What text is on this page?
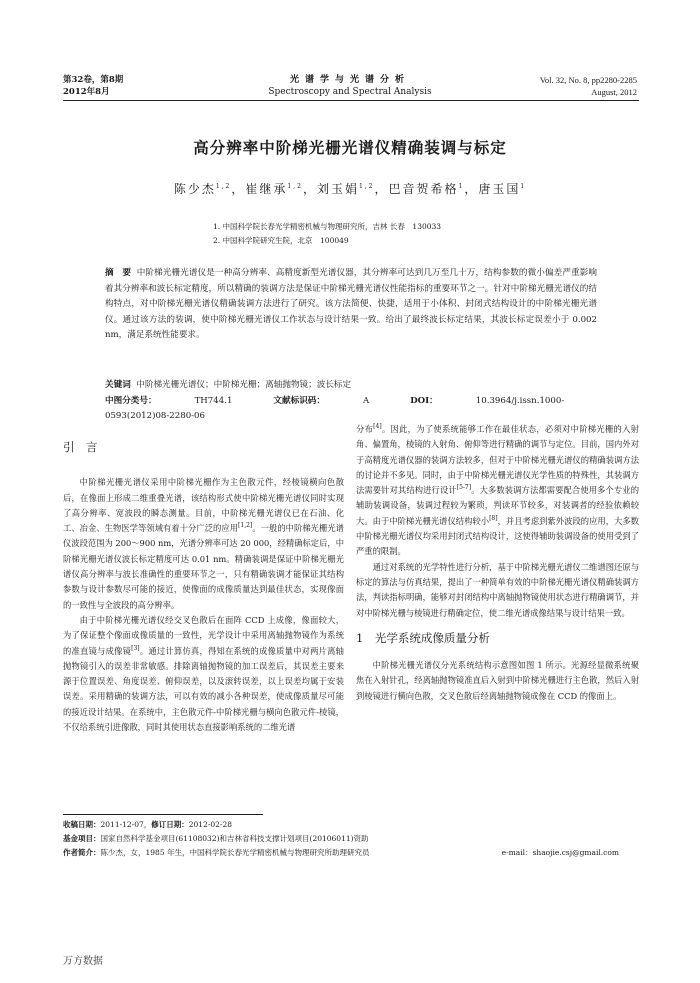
第32卷，第8期
2012年8月
光谱学与光谱分析
Spectroscopy and Spectral Analysis
Vol. 32, No. 8, pp2280-2285
August, 2012
高分辨率中阶梯光栅光谱仪精确装调与标定
陈少杰$^{1,2}$，崔继承$^{1,2}$，刘玉娟$^{1,2}$，巴音贺希格$^1$，唐玉国$^1$
1. 中国科学院长春光学精密机械与物理研究所，吉林 长春　130033
2. 中国科学院研究生院，北京　100049
摘　要 中阶梯光栅光谱仪是一种高分辨率、高精度新型光谱仪器，其分辨率可达到几万至几十万，结构参数的微小偏差严重影响着其分辨率和波长标定精度，所以精确的装调方法是保证中阶梯光栅光谱仪性能指标的重要环节之一。针对中阶梯光栅光谱仪的结构特点，对中阶梯光栅光谱仪精确装调方法进行了研究。该方法简便、快捷，适用于小体积、封闭式结构设计的中阶梯光栅光谱仪。通过该方法的装调，使中阶梯光栅光谱仪工作状态与设计结果一致。给出了最终波长标定结果，其波长标定误差小于 0.002 nm，满足系统性能要求。
关键词 中阶梯光栅光谱仪；中阶梯光栅；离轴抛物镜；波长标定
中图分类号：	TH744.1	文献标识码：	A	DOI：	10.3964/j.issn.1000-0593(2012)08-2280-06
引　言

中阶梯光栅光谱仪采用中阶梯光栅作为主色散元件，经棱镜横向色散后，在像面上形成二维重叠光谱，该结构形式使中阶梯光栅光谱仪同时实现了高分辨率、宽波段的瞬态测量。目前，中阶梯光栅光谱仪已在石油、化工、冶金、生物医学等领域有着十分广泛的应用[1,2]。一般的中阶梯光栅光谱仪波段范围为 200～900 nm，光谱分辨率可达 20 000，经精确标定后，中阶梯光栅光谱仪波长标定精度可达 0.01 nm。精确装调是保证中阶梯光栅光谱仪高分辨率与波长准确性的重要环节之一，只有精确装调才能保证其结构参数与设计参数尽可能的接近，使像面的成像质量达到最佳状态，实现像面的一致性与全波段的高分辨率。

由于中阶梯光栅光谱仪经交叉色散后在面阵 CCD 上成像，像面较大，为了保证整个像面成像质量的一致性，光学设计中采用离轴抛物镜作为系统的准直镜与成像镜[3]。通过计算仿真，得知在系统的成像质量中对两片离轴抛物镜引入的误差非常敏感。排除离轴抛物镜的加工误差后，其误差主要来源于位置误差、角度误差、俯仰误差，以及滚转误差，以上误差均属于安装误差。采用精确的装调方法，可以有效的减小各种误差，使成像质量尽可能的接近设计结果。在系统中，主色散元件-中阶梯光栅与横向色散元件-棱镜，不仅给系统引进像散，同时其使用状态直接影响系统的二维光谱

分布[4]。因此，为了使系统能够工作在最佳状态，必须对中阶梯光栅的入射角、偏置角，棱镜的入射角、俯仰等进行精确的调节与定位。目前，国内外对于高精度光谱仪器的装调方法较多，但对于中阶梯光栅光谱仪的精确装调方法的讨论并不多见。同时，由于中阶梯光栅光谱仪光学性质的特殊性，其装调方法需要针对其结构进行设计[5-7]。大多数装调方法都需要配合使用多个专业的辅助装调设备，装调过程较为繁琐，判读环节较多，对装调者的经验依赖较大。由于中阶梯光栅光谱仪结构较小[8]，并且考虑到紫外波段的应用，大多数中阶梯光栅光谱仪均采用封闭式结构设计，这使得辅助装调设备的使用受到了严重的限制。

通过对系统的光学特性进行分析，基于中阶梯光栅光谱仪二维谱图还原与标定的算法与仿真结果，提出了一种简单有效的中阶梯光栅光谱仪精确装调方法，判读指标明确，能够对封闭结构中离轴抛物镜使用状态进行精确调节，并对中阶梯光栅与棱镜进行精确定位，使二维光谱成像结果与设计结果一致。

1　光学系统成像质量分析

中阶梯光栅光谱仪分光系统结构示意图如图 1 所示。光源经显微系统聚焦在入射针孔，经离轴抛物镜准直后入射到中阶梯光栅进行主色散，然后入射到棱镜进行横向色散，交叉色散后经离轴抛物镜成像在 CCD 的像面上。

收稿日期：2011-12-07，修订日期：2012-02-28
基金项目：国家自然科学基金项目(61108032)和吉林省科技支撑计划项目(20106011)资助
作者简介：陈少杰，女，1985 年生，中国科学院长春光学精密机械与物理研究所助理研究员	e-mail：shaojie.csj@gmail.com
万方数据
